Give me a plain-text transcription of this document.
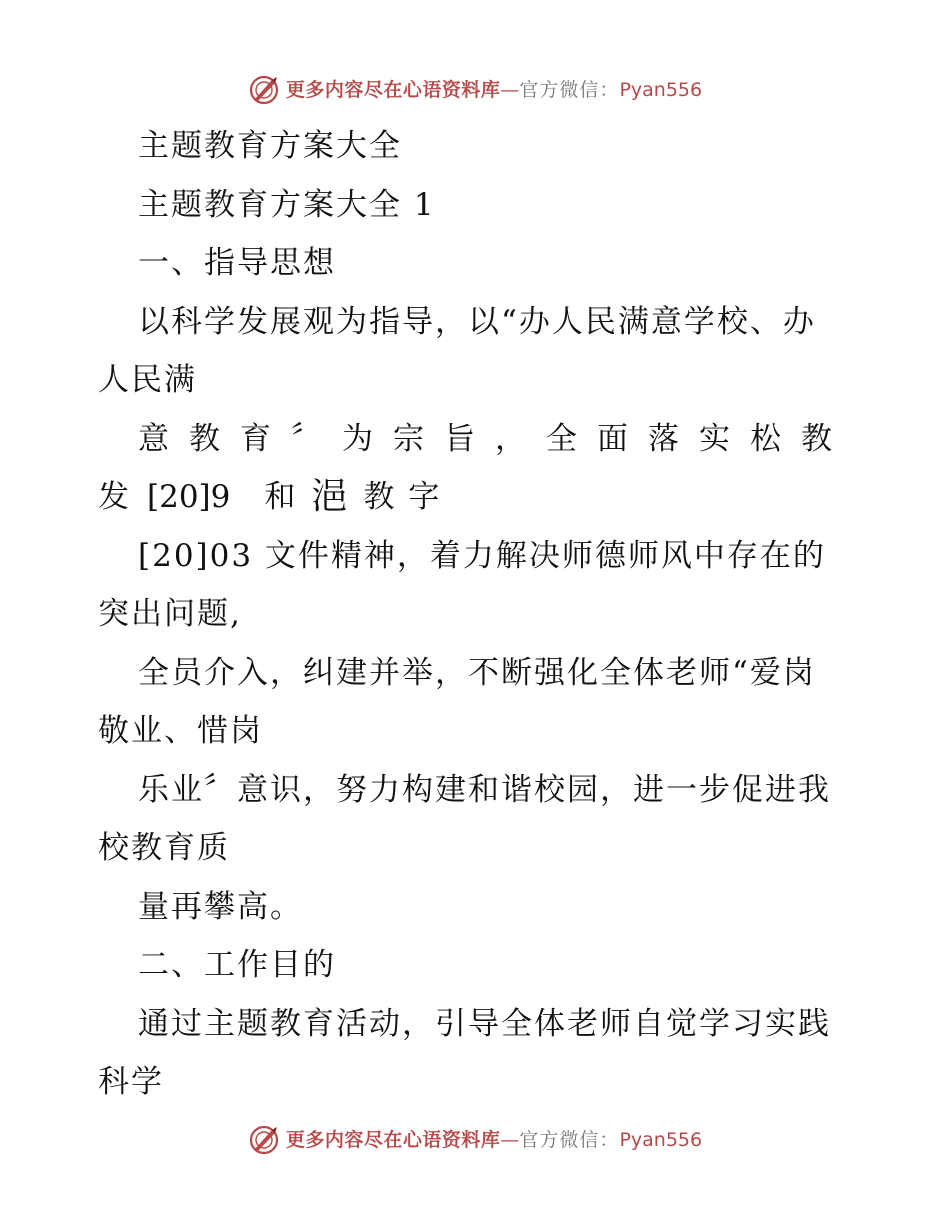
更多内容尽在心语资料库 — 官方微信： Pyan556
主题教育方案大全
主题教育方案大全 1
一、指导思想
以科学发展观为指导，以“办人民满意学校、办
人民满
意 教 育 〞 为 宗 旨 ， 全 面 落 实 松 教
发 [20]9 和 浥 教 字
[20]03 文件精神，着力解决师德师风中存在的
突出问题,
全员介入，纠建并举，不断强化全体老师“爱岗
敬业、惜岗
乐业〞意识，努力构建和谐校园，进一步促进我
校教育质
量再攀高。
二、工作目的
通过主题教育活动，引导全体老师自觉学习实践
科学
更多内容尽在心语资料库 — 官方微信： Pyan556
